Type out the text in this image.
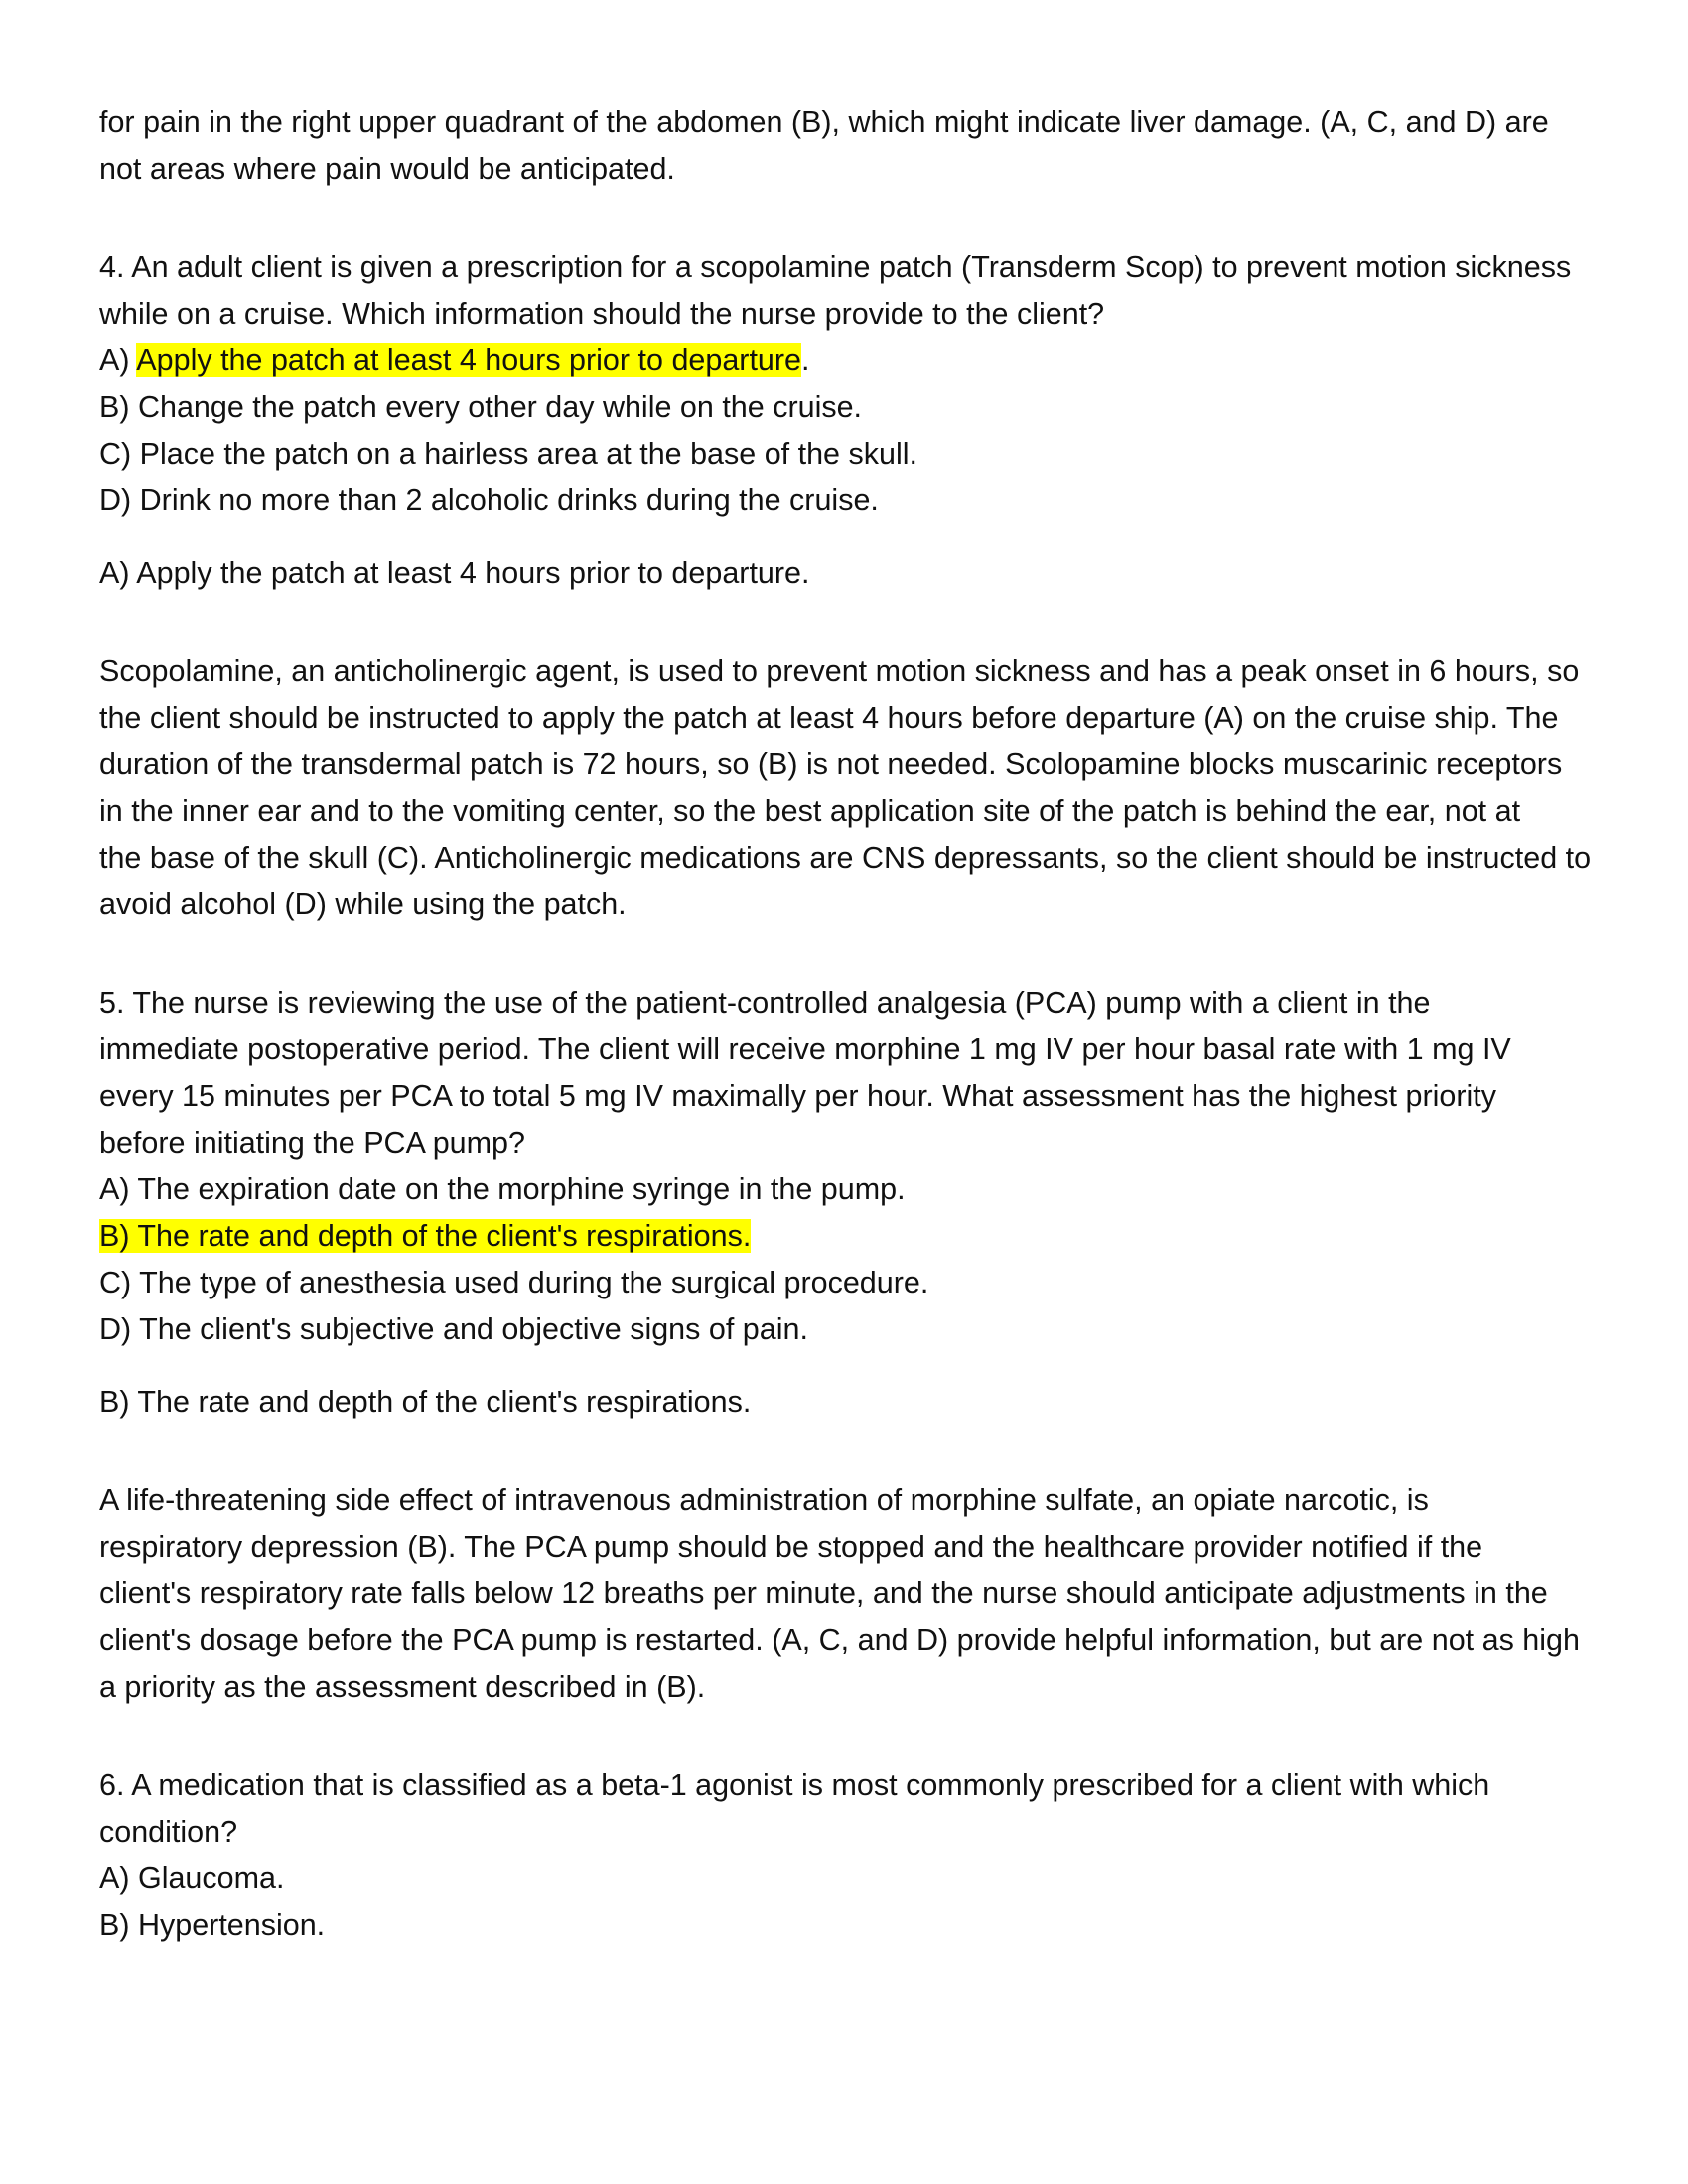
for pain in the right upper quadrant of the abdomen (B), which might indicate liver damage. (A, C, and D) are
not areas where pain would be anticipated.
4. An adult client is given a prescription for a scopolamine patch (Transderm Scop) to prevent motion sickness
while on a cruise. Which information should the nurse provide to the client?
A) Apply the patch at least 4 hours prior to departure.
B) Change the patch every other day while on the cruise.
C) Place the patch on a hairless area at the base of the skull.
D) Drink no more than 2 alcoholic drinks during the cruise.
A) Apply the patch at least 4 hours prior to departure.
Scopolamine, an anticholinergic agent, is used to prevent motion sickness and has a peak onset in 6 hours, so
the client should be instructed to apply the patch at least 4 hours before departure (A) on the cruise ship. The
duration of the transdermal patch is 72 hours, so (B) is not needed. Scolopamine blocks muscarinic receptors
in the inner ear and to the vomiting center, so the best application site of the patch is behind the ear, not at
the base of the skull (C). Anticholinergic medications are CNS depressants, so the client should be instructed to
avoid alcohol (D) while using the patch.
5. The nurse is reviewing the use of the patient-controlled analgesia (PCA) pump with a client in the
immediate postoperative period. The client will receive morphine 1 mg IV per hour basal rate with 1 mg IV
every 15 minutes per PCA to total 5 mg IV maximally per hour. What assessment has the highest priority
before initiating the PCA pump?
A) The expiration date on the morphine syringe in the pump.
B) The rate and depth of the client's respirations.
C) The type of anesthesia used during the surgical procedure.
D) The client's subjective and objective signs of pain.
B) The rate and depth of the client's respirations.
A life-threatening side effect of intravenous administration of morphine sulfate, an opiate narcotic, is
respiratory depression (B). The PCA pump should be stopped and the healthcare provider notified if the
client's respiratory rate falls below 12 breaths per minute, and the nurse should anticipate adjustments in the
client's dosage before the PCA pump is restarted. (A, C, and D) provide helpful information, but are not as high
a priority as the assessment described in (B).
6. A medication that is classified as a beta-1 agonist is most commonly prescribed for a client with which
condition?
A) Glaucoma.
B) Hypertension.
